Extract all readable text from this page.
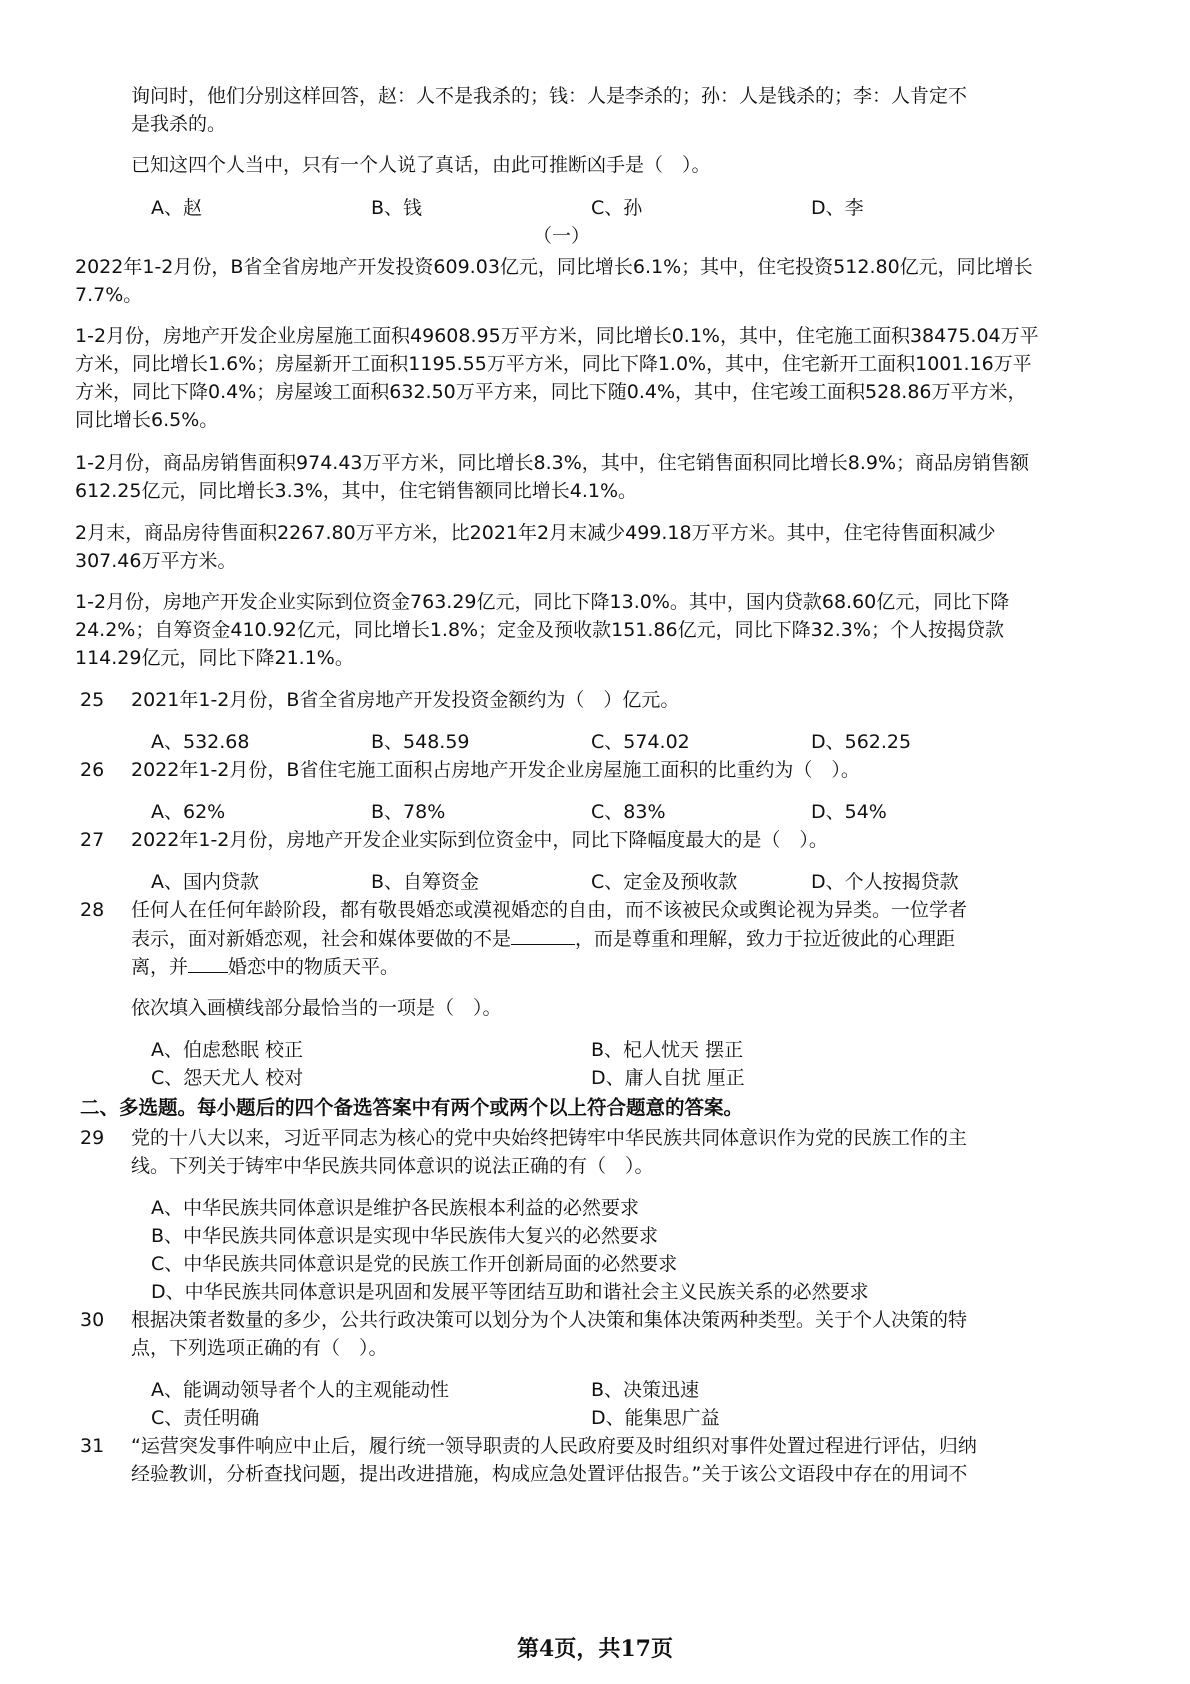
询问时，他们分别这样回答，赵：人不是我杀的；钱：人是李杀的；孙：人是钱杀的；李：人肯定不
是我杀的。
已知这四个人当中，只有一个人说了真话，由此可推断凶手是（　）。
A、赵	B、钱	C、孙	D、李
（一）
2022年1-2月份，B省全省房地产开发投资609.03亿元，同比增长6.1%；其中，住宅投资512.80亿元，同比增长
7.7%。
1-2月份，房地产开发企业房屋施工面积49608.95万平方米，同比增长0.1%，其中，住宅施工面积38475.04万平
方米，同比增长1.6%；房屋新开工面积1195.55万平方米，同比下降1.0%，其中，住宅新开工面积1001.16万平
方米，同比下降0.4%；房屋竣工面积632.50万平方来，同比下随0.4%，其中，住宅竣工面积528.86万平方米，
同比增长6.5%。
1-2月份，商品房销售面积974.43万平方米，同比增长8.3%，其中，住宅销售面积同比增长8.9%；商品房销售额
612.25亿元，同比增长3.3%，其中，住宅销售额同比增长4.1%。
2月末，商品房待售面积2267.80万平方米，比2021年2月末减少499.18万平方米。其中，住宅待售面积减少
307.46万平方米。
1-2月份，房地产开发企业实际到位资金763.29亿元，同比下降13.0%。其中，国内贷款68.60亿元，同比下降
24.2%；自筹资金410.92亿元，同比增长1.8%；定金及预收款151.86亿元，同比下降32.3%；个人按揭贷款
114.29亿元，同比下降21.1%。
25 2021年1-2月份，B省全省房地产开发投资金额约为（　）亿元。
A、532.68	B、548.59	C、574.02	D、562.25
26 2022年1-2月份，B省住宅施工面积占房地产开发企业房屋施工面积的比重约为（　）。
A、62%	B、78%	C、83%	D、54%
27 2022年1-2月份，房地产开发企业实际到位资金中，同比下降幅度最大的是（　）。
A、国内贷款	B、自筹资金	C、定金及预收款	D、个人按揭贷款
28 任何人在任何年龄阶段，都有敬畏婚恋或漠视婚恋的自由，而不该被民众或舆论视为异类。一位学者
表示，面对新婚恋观，社会和媒体要做的不是	，而是尊重和理解，致力于拉近彼此的心理距
离，并 婚恋中的物质天平。
依次填入画横线部分最恰当的一项是（　）。
A、伯虑愁眠 校正	B、杞人忧天 摆正
C、怨天尤人 校对	D、庸人自扰 厘正
二、多选题。每小题后的四个备选答案中有两个或两个以上符合题意的答案。
29 党的十八大以来，习近平同志为核心的党中央始终把铸牢中华民族共同体意识作为党的民族工作的主
线。下列关于铸牢中华民族共同体意识的说法正确的有（　）。
A、中华民族共同体意识是维护各民族根本利益的必然要求
B、中华民族共同体意识是实现中华民族伟大复兴的必然要求
C、中华民族共同体意识是党的民族工作开创新局面的必然要求
D、中华民族共同体意识是巩固和发展平等团结互助和谐社会主义民族关系的必然要求
30 根据决策者数量的多少，公共行政决策可以划分为个人决策和集体决策两种类型。关于个人决策的特
点，下列选项正确的有（　）。
A、能调动领导者个人的主观能动性	B、决策迅速
C、责任明确	D、能集思广益
31 “运营突发事件响应中止后，履行统一领导职责的人民政府要及时组织对事件处置过程进行评估，归纳
经验教训，分析查找问题，提出改进措施，构成应急处置评估报告。”关于该公文语段中存在的用词不
第4页，共17页
